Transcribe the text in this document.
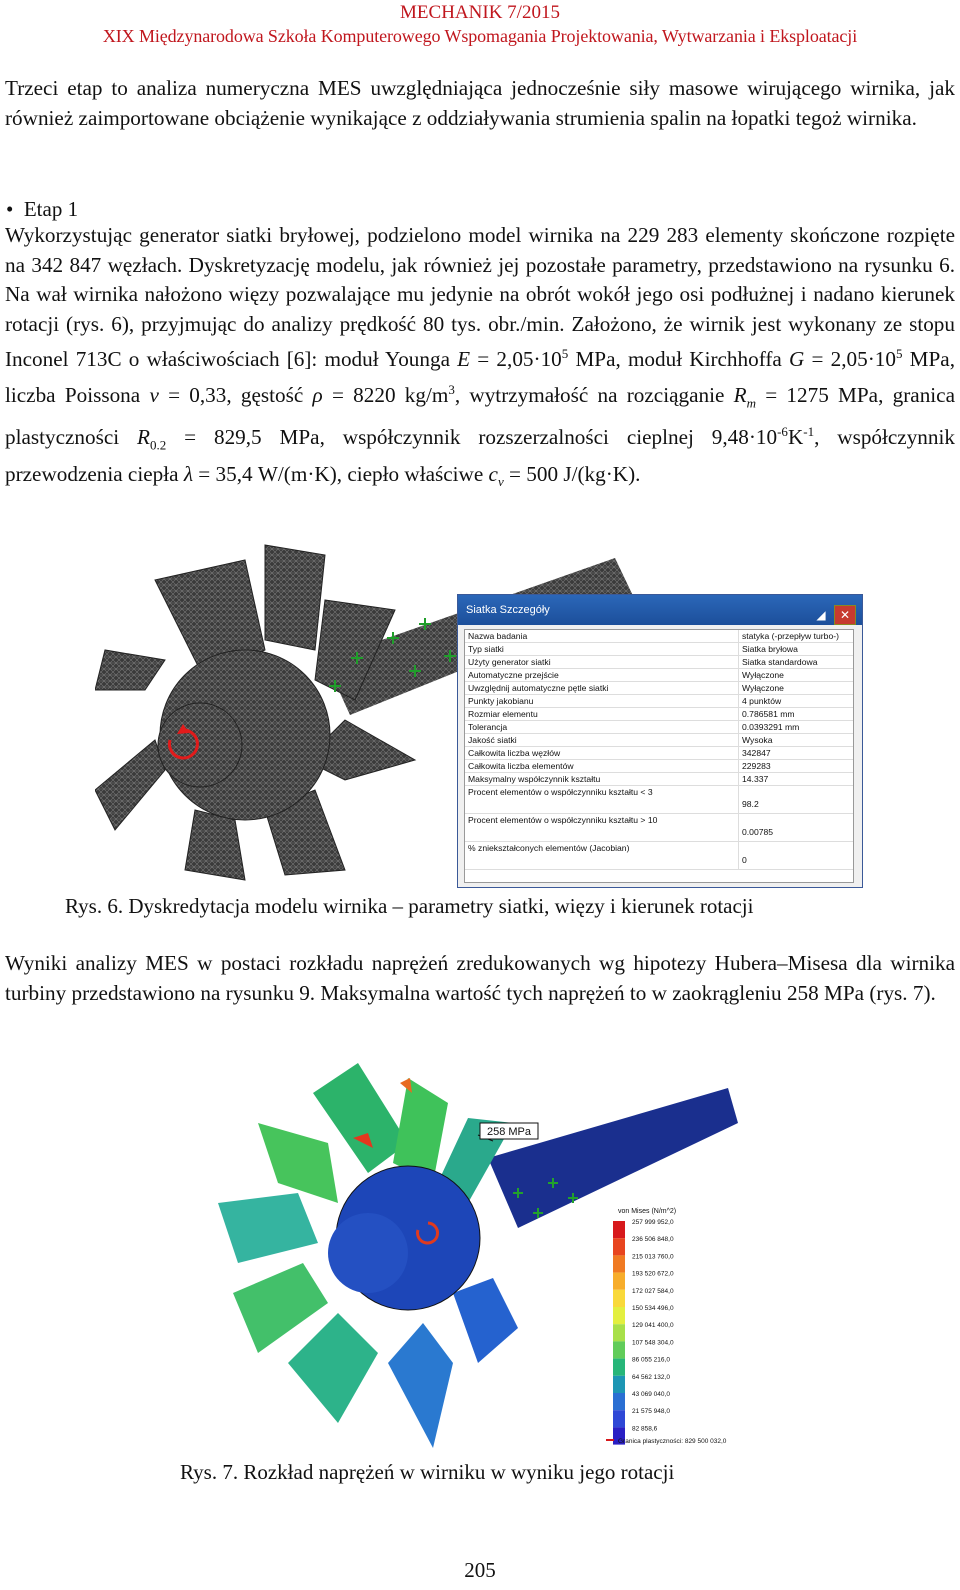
MECHANIK 7/2015
XIX Międzynarodowa Szkoła Komputerowego Wspomagania Projektowania, Wytwarzania i Eksploatacji

Trzeci etap to analiza numeryczna MES uwzględniająca jednocześnie siły masowe wirującego wirnika, jak również zaimportowane obciążenie wynikające z oddziaływania strumienia spalin na łopatki tegoż wirnika.

• Etap 1

Wykorzystując generator siatki bryłowej, podzielono model wirnika na 229 283 elementy skończone rozpięte na 342 847 węzłach. Dyskretyzację modelu, jak również jej pozostałe parametry, przedstawiono na rysunku 6. Na wał wirnika nałożono więzy pozwalające mu jedynie na obrót wokół jego osi podłużnej i nadano kierunek rotacji (rys. 6), przyjmując do analizy prędkość 80 tys. obr./min. Założono, że wirnik jest wykonany ze stopu Inconel 713C o właściwościach [6]: moduł Younga $E = 2,05\cdot 10^5$ MPa, moduł Kirchhoffa $G = 2,05\cdot 10^5$ MPa, liczba Poissona ν = 0,33, gęstość ρ = 8220 $kg/m^3$, wytrzymałość na rozciąganie $R_m = 1275$ MPa, granica plastyczności $R_{0.2} = 829,5$ MPa, współczynnik rozszerzalności cieplnej $9,48\cdot 10^{-6}K^{-1}$, współczynnik przewodzenia ciepła λ = 35,4 W/(m·K), ciepło właściwe $c_v = 500$ J/(kg·K).

Siatka Szczegóły	◢ ✕
Nazwa badania	statyka (-przepływ turbo-)
Typ siatki	Siatka bryłowa
Użyty generator siatki	Siatka standardowa
Automatyczne przejście	Wyłączone
Uwzględnij automatyczne pętle siatki	Wyłączone
Punkty jakobianu	4 punktów
Rozmiar elementu	0.786581 mm
Tolerancja	0.0393291 mm
Jakość siatki	Wysoka
Całkowita liczba węzłów	342847
Całkowita liczba elementów	229283
Maksymalny współczynnik kształtu	14.337
Procent elementów o współczynniku kształtu < 3
98.2
Procent elementów o współczynniku kształtu > 10
0.00785
% zniekształconych elementów (Jacobian)
0
Rys. 6. Dyskredytacja modelu wirnika – parametry siatki, więzy i kierunek rotacji

Wyniki analizy MES w postaci rozkładu naprężeń zredukowanych wg hipotezy Hubera–Misesa dla wirnika turbiny przedstawiono na rysunku 9. Maksymalna wartość tych naprężeń to w zaokrągleniu 258 MPa (rys. 7).

258 MPa
von Mises (N/m^2)
257 999 952,0
236 506 848,0
215 013 760,0
193 520 672,0
172 027 584,0
150 534 496,0
129 041 400,0
107 548 304,0
86 055 216,0
64 562 132,0
43 069 040,0
21 575 948,0
82 858,6
Granica plastyczności: 829 500 032,0
Rys. 7. Rozkład naprężeń w wirniku w wyniku jego rotacji
205
